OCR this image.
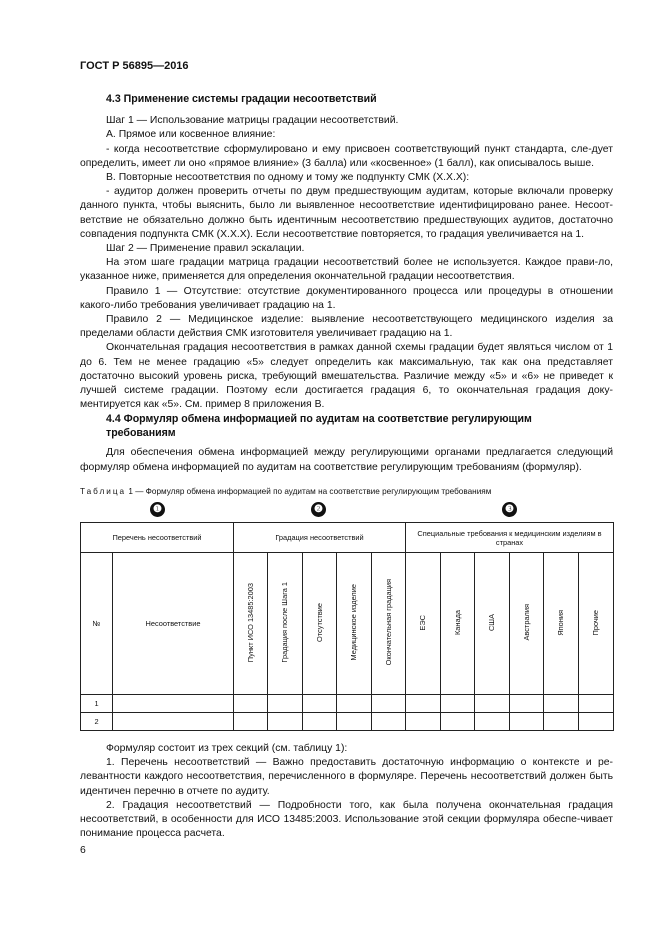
ГОСТ Р 56895—2016

4.3 Применение системы градации несоответствий

Шаг 1 — Использование матрицы градации несоответствий.

А. Прямое или косвенное влияние:

- когда несоответствие сформулировано и ему присвоен соответствующий пункт стандарта, сле-дует определить, имеет ли оно «прямое влияние» (3 балла) или «косвенное» (1 балл), как описывалось выше.

В. Повторные несоответствия по одному и тому же подпункту СМК (X.X.X):

- аудитор должен проверить отчеты по двум предшествующим аудитам, которые включали проверку данного пункта, чтобы выяснить, было ли выявленное несоответствие идентифицировано ранее. Несоот-ветствие не обязательно должно быть идентичным несоответствию предшествующих аудитов, достаточно совпадения подпункта СМК (X.X.X). Если несоответствие повторяется, то градация увеличивается на 1.

Шаг 2 — Применение правил эскалации.

На этом шаге градации матрица градации несоответствий более не используется. Каждое прави-ло, указанное ниже, применяется для определения окончательной градации несоответствия.

Правило 1 — Отсутствие: отсутствие документированного процесса или процедуры в отношении какого-либо требования увеличивает градацию на 1.

Правило 2 — Медицинское изделие: выявление несоответствующего медицинского изделия за пределами области действия СМК изготовителя увеличивает градацию на 1.

Окончательная градация несоответствия в рамках данной схемы градации будет являться числом от 1 до 6. Тем не менее градацию «5» следует определить как максимальную, так как она представляет достаточно высокий уровень риска, требующий вмешательства. Различие между «5» и «6» не приведет к лучшей системе градации. Поэтому если достигается градация 6, то окончательная градация доку-ментируется как «5». См. пример 8 приложения В.

4.4 Формуляр обмена информацией по аудитам на соответствие регулирующим

требованиям

Для обеспечения обмена информацией между регулирующими органами предлагается следующий формуляр обмена информацией по аудитам на соответствие регулирующим требованиям (формуляр).

Таблица 1 — Формуляр обмена информацией по аудитам на соответствие регулирующим требованиям
❶	❷	❸
Перечень несоответствий		Градация несоответствий					Специальные требования к медицинским изделиям в странах					
№	Несоответствие	Пункт ИСО 13485:2003	Градация после Шага 1	Отсутствие	Медицинское изделие	Окончательная градация	ЕЭС	Канада	США	Австралия	Япония	Прочие
1												
2												

Формуляр состоит из трех секций (см. таблицу 1):

1. Перечень несоответствий — Важно предоставить достаточную информацию о контексте и ре-левантности каждого несоответствия, перечисленного в формуляре. Перечень несоответствий должен быть идентичен перечню в отчете по аудиту.

2. Градация несоответствий — Подробности того, как была получена окончательная градация несоответствий, в особенности для ИСО 13485:2003. Использование этой секции формуляра обеспе-чивает понимание процесса расчета.

6
